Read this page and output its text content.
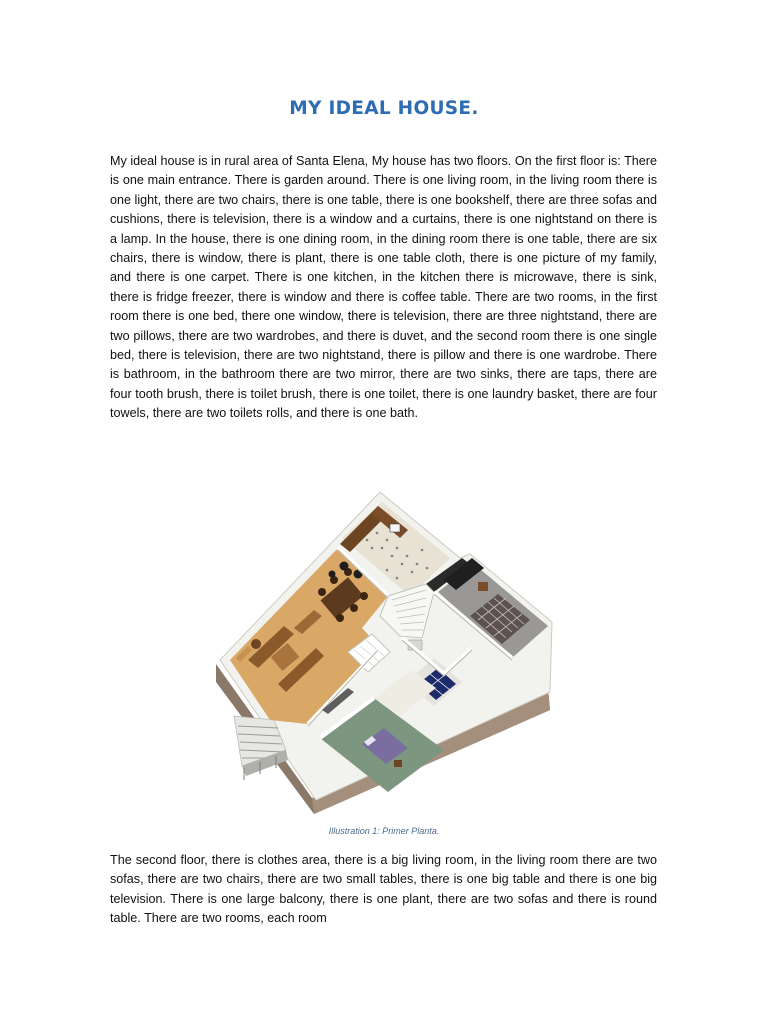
MY IDEAL HOUSE.

My ideal house is in rural area of Santa Elena, My house has two floors. On the first floor is: There is one main entrance. There is garden around. There is one living room, in the living room there is one light, there are two chairs, there is one table, there is one bookshelf, there are three sofas and cushions, there is television, there is a window and a curtains, there is one nightstand on there is a lamp. In the house, there is one dining room, in the dining room there is one table, there are six chairs, there is window, there is plant, there is one table cloth, there is one picture of my family, and there is one carpet. There is one kitchen, in the kitchen there is microwave, there is sink, there is fridge freezer, there is window and there is coffee table. There are two rooms, in the first room there is one bed, there one window, there is television, there are three nightstand, there are two pillows, there are two wardrobes, and there is duvet, and the second room there is one single bed, there is television, there are two nightstand, there is pillow and there is one wardrobe. There is bathroom, in the bathroom there are two mirror, there are two sinks, there are taps, there are four tooth brush, there is toilet brush, there is one toilet, there is one laundry basket, there are four towels, there are two toilets rolls, and there is one bath.

Illustration 1: Primer Planta.

The second floor, there is clothes area, there is a big living room, in the living room there are two sofas, there are two chairs, there are two small tables, there is one big table and there is one big television. There is one large balcony, there is one plant, there are two sofas and there is round table. There are two rooms, each room
